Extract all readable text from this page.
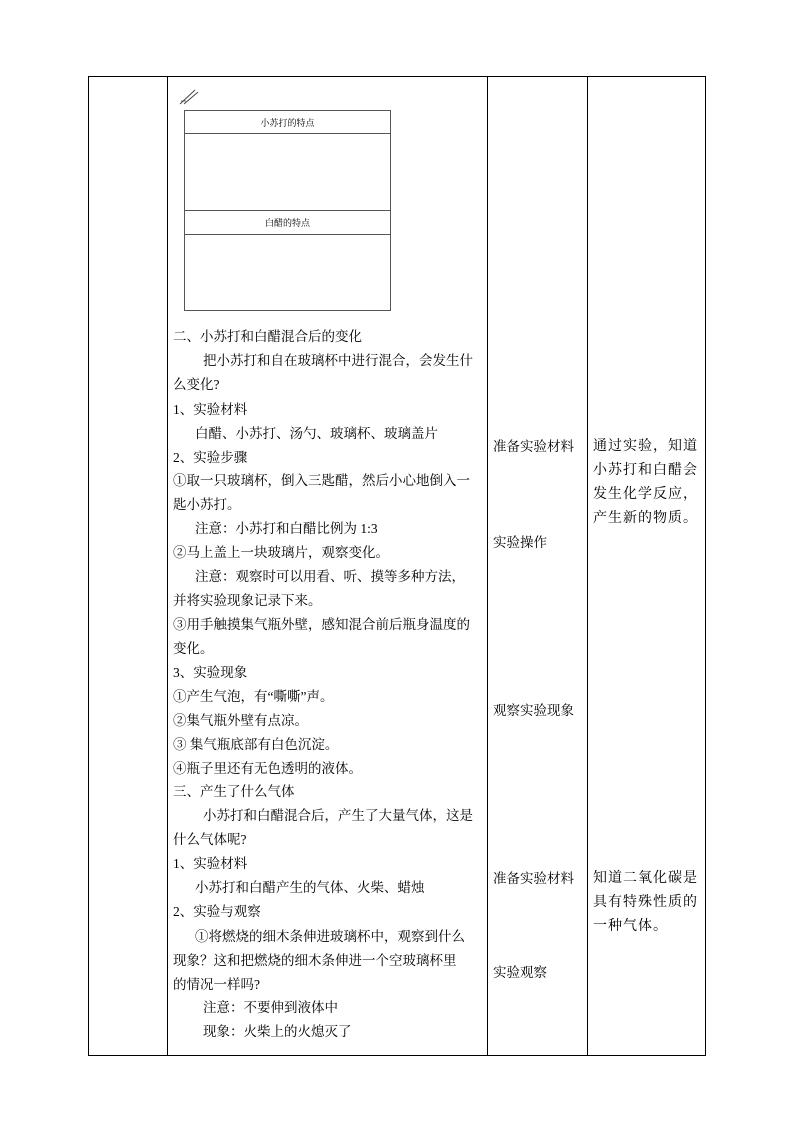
小苏打的特点
白醋的特点
二、小苏打和白醋混合后的变化
把小苏打和自在玻璃杯中进行混合，会发生什
么变化?
1、实验材料
白醋、小苏打、汤勺、玻璃杯、玻璃盖片
2、实验步骤
①取一只玻璃杯，倒入三匙醋，然后小心地倒入一
匙小苏打。
注意：小苏打和白醋比例为 1:3
②马上盖上一块玻璃片，观察变化。
注意：观察时可以用看、听、摸等多种方法，
并将实验现象记录下来。
③用手触摸集气瓶外壁，感知混合前后瓶身温度的
变化。
3、实验现象
①产生气泡，有“嘶嘶”声。
②集气瓶外壁有点凉。
③ 集气瓶底部有白色沉淀。
④瓶子里还有无色透明的液体。
三、产生了什么气体
小苏打和白醋混合后，产生了大量气体，这是
什么气体呢?
1、实验材料
小苏打和白醋产生的气体、火柴、蜡烛
2、实验与观察
①将燃烧的细木条伸进玻璃杯中，观察到什么
现象？这和把燃烧的细木条伸进一个空玻璃杯里
的情况一样吗?
注意：不要伸到液体中
现象：火柴上的火熄灭了
准备实验材料
实验操作
观察实验现象
准备实验材料
实验观察
通过实验，知道
小苏打和白醋会
发生化学反应，
产生新的物质。
知道二氧化碳是
具有特殊性质的
一种气体。
